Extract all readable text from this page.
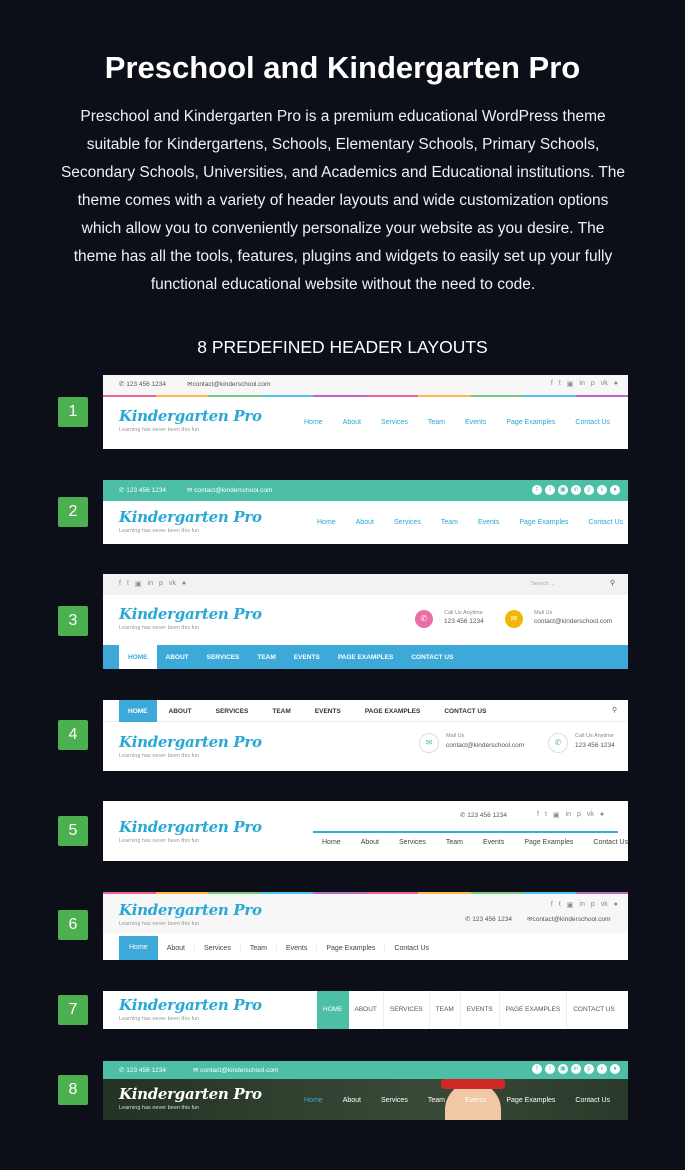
Preschool and Kindergarten Pro
Preschool and Kindergarten Pro is a premium educational WordPress theme
suitable for Kindergartens, Schools, Elementary Schools, Primary Schools,
Secondary Schools, Universities, and Academics and Educational institutions. The
theme comes with a variety of header layouts and wide customization options
which allow you to conveniently personalize your website as you desire. The
theme has all the tools, features, plugins and widgets to easily set up your fully
functional educational website without the need to code.
8 PREDEFINED HEADER LAYOUTS
1
2
3
4
5
6
7
8
✆ 123 456 1234	✉contact@kinderschool.com	f t ▣ in p vk ●
Kindergarten Pro
Learning has never been this fun
Home	About	Services	Team	Events	Page Examples	Contact Us
✆ 123 456 1234	✉ contact@kinderschool.com	f	t	▣	in	p	v	●
Kindergarten Pro
Learning has never been this fun
Home	About	Services	Team	Events	Page Examples	Contact Us
f t ▣ in p vk ●	Search ...	⚲
Kindergarten Pro
Learning has never been this fun
✆
Call Us Anytime
123 456 1234	✉
Mail Us
contact@kinderschool.com
HOME	ABOUT	SERVICES	TEAM	EVENTS	PAGE EXAMPLES	CONTACT US
HOME	ABOUT	SERVICES	TEAM	EVENTS	PAGE EXAMPLES	CONTACT US	⚲
Kindergarten Pro
Learning has never been this fun
✉
Mail Us
contact@kinderschool.com	✆
Call Us Anytime
123 456 1234
Kindergarten Pro
Learning has never been this fun
✆ 123 456 1234	f t ▣ in p vk ●
Home	About	Services	Team	Events	Page Examples	Contact Us
Kindergarten Pro
Learning has never been this fun
f t ▣ in p vk ●
✆ 123 456 1234 ✉contact@kinderschool.com
Home	About	Services	Team	Events	Page Examples	Contact Us
Kindergarten Pro
Learning has never been this fun
HOME	ABOUT	SERVICES	TEAM	EVENTS	PAGE EXAMPLES	CONTACT US
✆ 123 456 1234	✉ contact@kinderschool.com	f	t	▣	in	p	v	●
Kindergarten Pro
Learning has never been this fun
Home	About	Services	Team	Events	Page Examples	Contact Us
